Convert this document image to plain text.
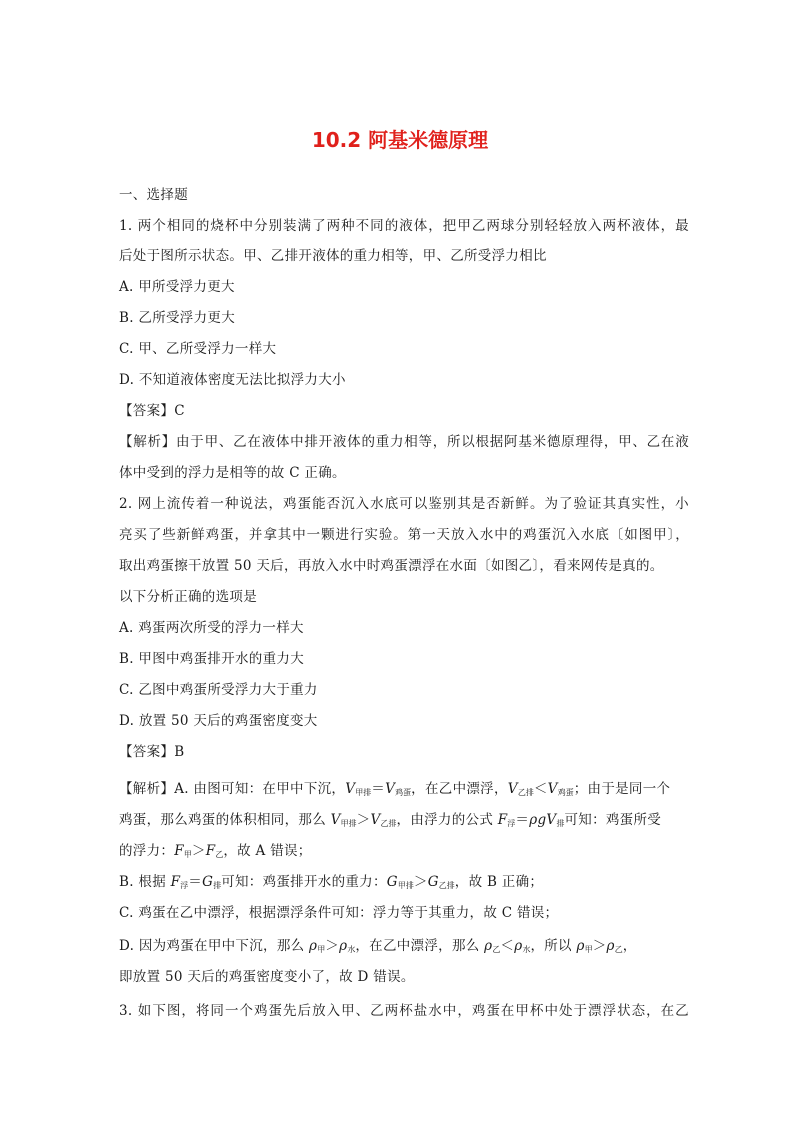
10.2 阿基米德原理
一、选择题
1. 两个相同的烧杯中分别装满了两种不同的液体，把甲乙两球分别轻轻放入两杯液体，最
后处于图所示状态。甲、乙排开液体的重力相等，甲、乙所受浮力相比
A. 甲所受浮力更大
B. 乙所受浮力更大
C. 甲、乙所受浮力一样大
D. 不知道液体密度无法比拟浮力大小
【答案】C
【解析】由于甲、乙在液体中排开液体的重力相等，所以根据阿基米德原理得，甲、乙在液
体中受到的浮力是相等的故 C 正确。
2. 网上流传着一种说法，鸡蛋能否沉入水底可以鉴别其是否新鲜。为了验证其真实性，小
亮买了些新鲜鸡蛋，并拿其中一颗进行实验。第一天放入水中的鸡蛋沉入水底〔如图甲〕，
取出鸡蛋擦干放置 50 天后，再放入水中时鸡蛋漂浮在水面〔如图乙〕，看来网传是真的。
以下分析正确的选项是
A. 鸡蛋两次所受的浮力一样大
B. 甲图中鸡蛋排开水的重力大
C. 乙图中鸡蛋所受浮力大于重力
D. 放置 50 天后的鸡蛋密度变大
【答案】B
【解析】A. 由图可知：在甲中下沉，$V_{甲排}=V_{鸡蛋}$，在乙中漂浮，$V_{乙排}<V_{鸡蛋}$；由于是同一个
鸡蛋，那么鸡蛋的体积相同，那么 $V_{甲排}>V_{乙排}$，由浮力的公式 $F_浮=\rho gV_排$可知：鸡蛋所受
的浮力：$F_甲>F_乙$，故 A 错误；
B. 根据 $F_浮=G_排$可知：鸡蛋排开水的重力：$G_{甲排}>G_{乙排}$，故 B 正确；
C. 鸡蛋在乙中漂浮，根据漂浮条件可知：浮力等于其重力，故 C 错误；
D. 因为鸡蛋在甲中下沉，那么 $\rho_甲>\rho_水$，在乙中漂浮，那么 $\rho_乙<\rho_水$，所以 $\rho_甲>\rho_乙$，
即放置 50 天后的鸡蛋密度变小了，故 D 错误。
3. 如下图，将同一个鸡蛋先后放入甲、乙两杯盐水中，鸡蛋在甲杯中处于漂浮状态，在乙
